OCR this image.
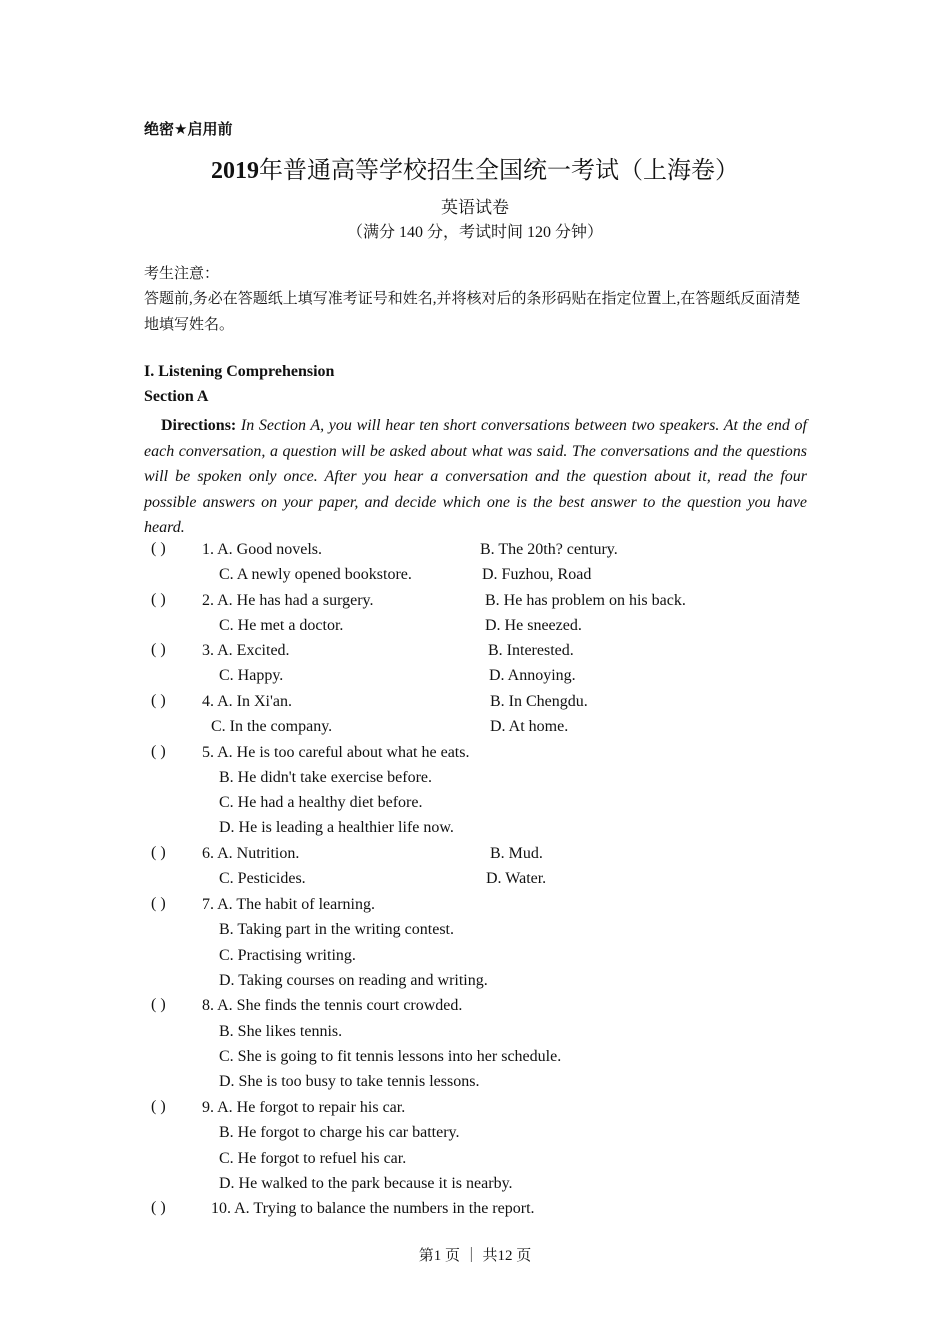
绝密★启用前
2019年普通高等学校招生全国统一考试（上海卷）
英语试卷
（满分 140 分，考试时间 120 分钟）
考生注意：
答题前,务必在答题纸上填写准考证号和姓名,并将核对后的条形码贴在指定位置上,在答题纸反面清楚地填写姓名。
I. Listening Comprehension
Section A
Directions: In Section A, you will hear ten short conversations between two speakers. At the end of each conversation, a question will be asked about what was said. The conversations and the questions will be spoken only once. After you hear a conversation and the question about it, read the four possible answers on your paper, and decide which one is the best answer to the question you have heard.
( ) 1. A. Good novels.	B. The 20th? century.
C. A newly opened bookstore.	D. Fuzhou, Road
( ) 2. A. He has had a surgery.	B. He has problem on his back.
C. He met a doctor.	D. He sneezed.
( ) 3. A. Excited.	B. Interested.
C. Happy.	D. Annoying.
( ) 4. A. In Xi'an.	B. In Chengdu.
C. In the company.	D. At home.
( ) 5. A. He is too careful about what he eats.
B. He didn't take exercise before.
C. He had a healthy diet before.
D. He is leading a healthier life now.
( ) 6. A. Nutrition.	B. Mud.
C. Pesticides.	D. Water.
( ) 7. A. The habit of learning.
B. Taking part in the writing contest.
C. Practising writing.
D. Taking courses on reading and writing.
( ) 8. A. She finds the tennis court crowded.
B. She likes tennis.
C. She is going to fit tennis lessons into her schedule.
D. She is too busy to take tennis lessons.
( ) 9. A. He forgot to repair his car.
B. He forgot to charge his car battery.
C. He forgot to refuel his car.
D. He walked to the park because it is nearby.
( )	10. A. Trying to balance the numbers in the report.
第1 页 ｜ 共12 页
